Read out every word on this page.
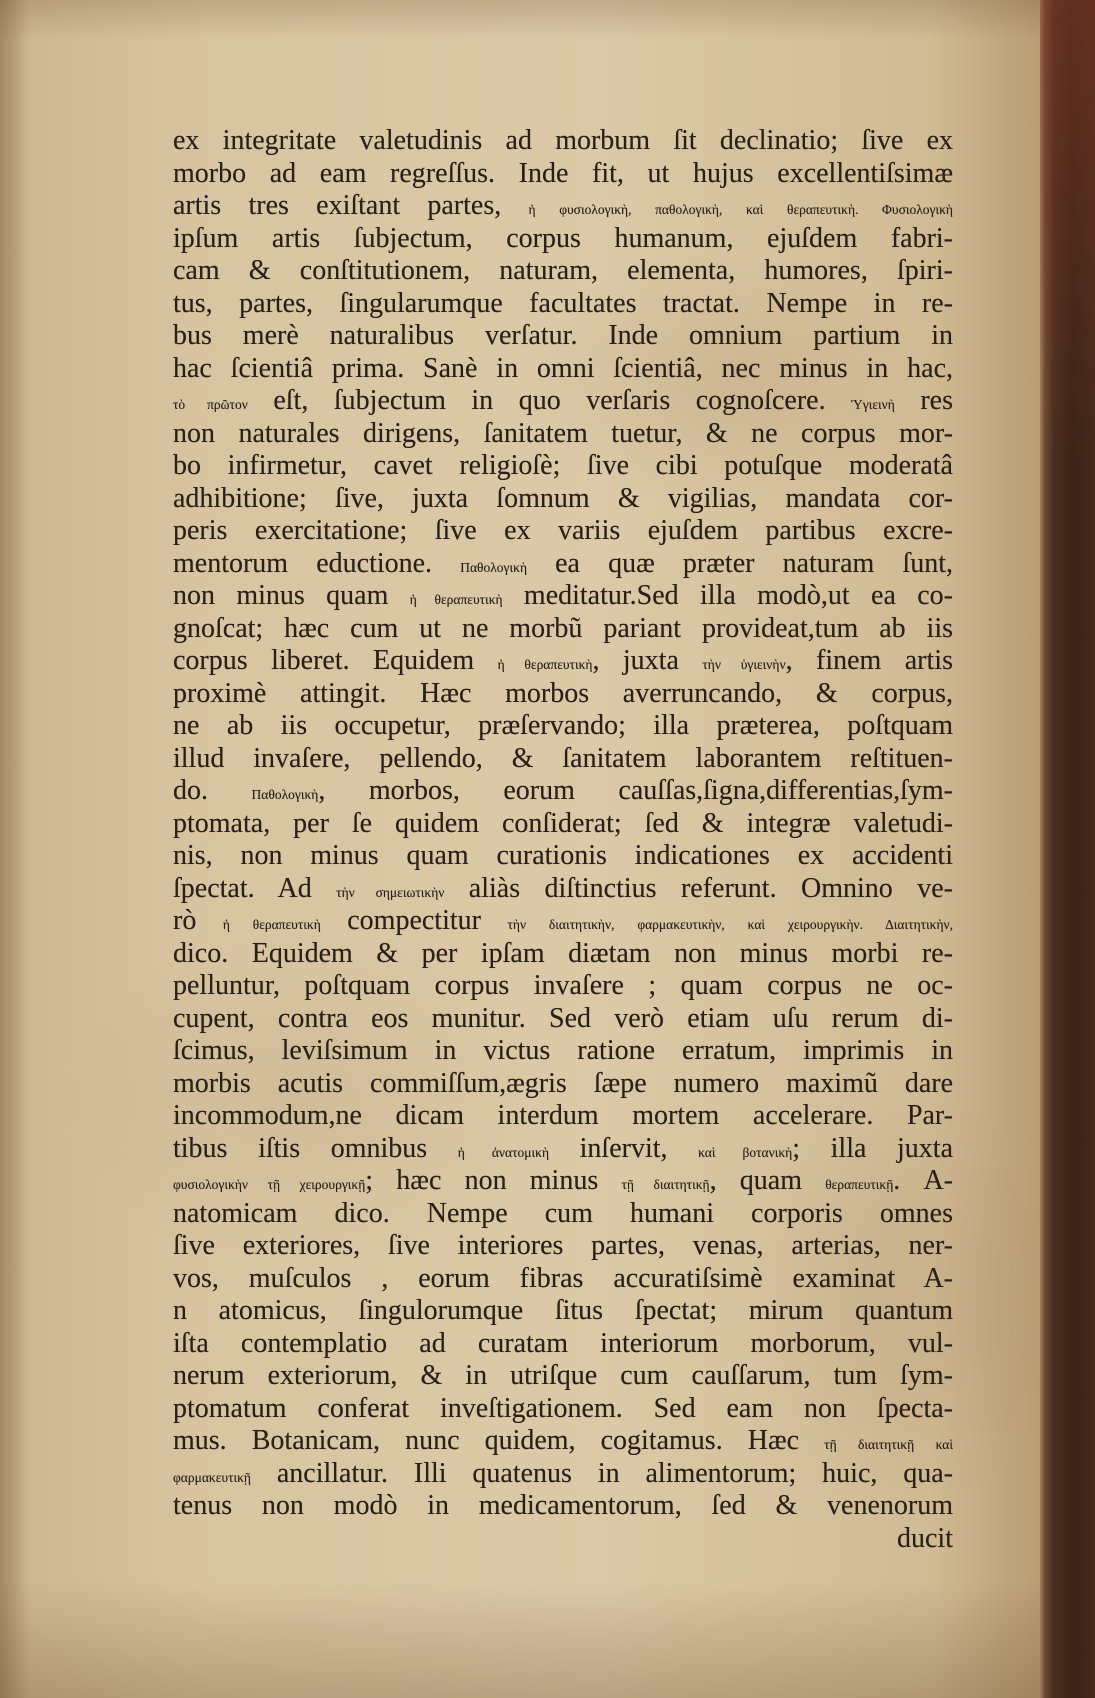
ex integritate valetudinis ad morbum ſit declinatio; ſive ex
morbo ad eam regreſſus. Inde fit, ut hujus excellentiſsimæ
artis tres exiſtant partes, ἡ φυσιολογικὴ, παθολογικὴ, καὶ θεραπευτικὴ. Φυσιολογικὴ
ipſum artis ſubjectum, corpus humanum, ejuſdem fabri-
cam & conſtitutionem, naturam, elementa, humores, ſpiri-
tus, partes, ſingularumque facultates tractat. Nempe in re-
bus merè naturalibus verſatur. Inde omnium partium in
hac ſcientiâ prima. Sanè in omni ſcientiâ, nec minus in hac,
τὸ πρῶτον eſt, ſubjectum in quo verſaris cognoſcere. Ὑγιεινὴ res
non naturales dirigens, ſanitatem tuetur, & ne corpus mor-
bo infirmetur, cavet religioſè; ſive cibi potuſque moderatâ
adhibitione; ſive, juxta ſomnum & vigilias, mandata cor-
peris exercitatione; ſive ex variis ejuſdem partibus excre-
mentorum eductione. Παθολογικὴ ea quæ præter naturam ſunt,
non minus quam ἡ θεραπευτικὴ meditatur.Sed illa modò,ut ea co-
gnoſcat; hæc cum ut ne morbũ pariant provideat,tum ab iis
corpus liberet. Equidem ἡ θεραπευτικὴ, juxta τὴν ὑγιεινὴν, finem artis
proximè attingit. Hæc morbos averruncando, & corpus,
ne ab iis occupetur, præſervando; illa præterea, poſtquam
illud invaſere, pellendo, & ſanitatem laborantem reſtituen-
do. Παθολογικὴ, morbos, eorum cauſſas,ſigna,differentias,ſym-
ptomata, per ſe quidem conſiderat; ſed & integræ valetudi-
nis, non minus quam curationis indicationes ex accidenti
ſpectat. Ad τὴν σημειωτικὴν aliàs diſtinctius referunt. Omnino ve-
rò ἡ θεραπευτικὴ compectitur τὴν διαιτητικὴν, φαρμακευτικὴν, καὶ χειρουργικὴν. Διαιτητικὴν,
dico. Equidem & per ipſam diætam non minus morbi re-
pelluntur, poſtquam corpus invaſere ; quam corpus ne oc-
cupent, contra eos munitur. Sed verò etiam uſu rerum di-
ſcimus, leviſsimum in victus ratione erratum, imprimis in
morbis acutis commiſſum,ægris ſæpe numero maximũ dare
incommodum,ne dicam interdum mortem accelerare. Par-
tibus iſtis omnibus ἡ ἀνατομικὴ inſervit, καὶ βοτανικὴ; illa juxta
φυσιολογικὴν τῇ χειρουργικῇ; hæc non minus τῇ διαιτητικῇ, quam θεραπευτικῇ. A-
natomicam dico. Nempe cum humani corporis omnes
ſive exteriores, ſive interiores partes, venas, arterias, ner-
vos, muſculos , eorum fibras accuratiſsimè examinat A-
n atomicus, ſingulorumque ſitus ſpectat; mirum quantum
iſta contemplatio ad curatam interiorum morborum, vul-
nerum exteriorum, & in utriſque cum cauſſarum, tum ſym-
ptomatum conferat inveſtigationem. Sed eam non ſpecta-
mus. Botanicam, nunc quidem, cogitamus. Hæc τῇ διαιτητικῇ καὶ
φαρμακευτικῇ ancillatur. Illi quatenus in alimentorum; huic, qua-
tenus non modò in medicamentorum, ſed & venenorum
ducit
